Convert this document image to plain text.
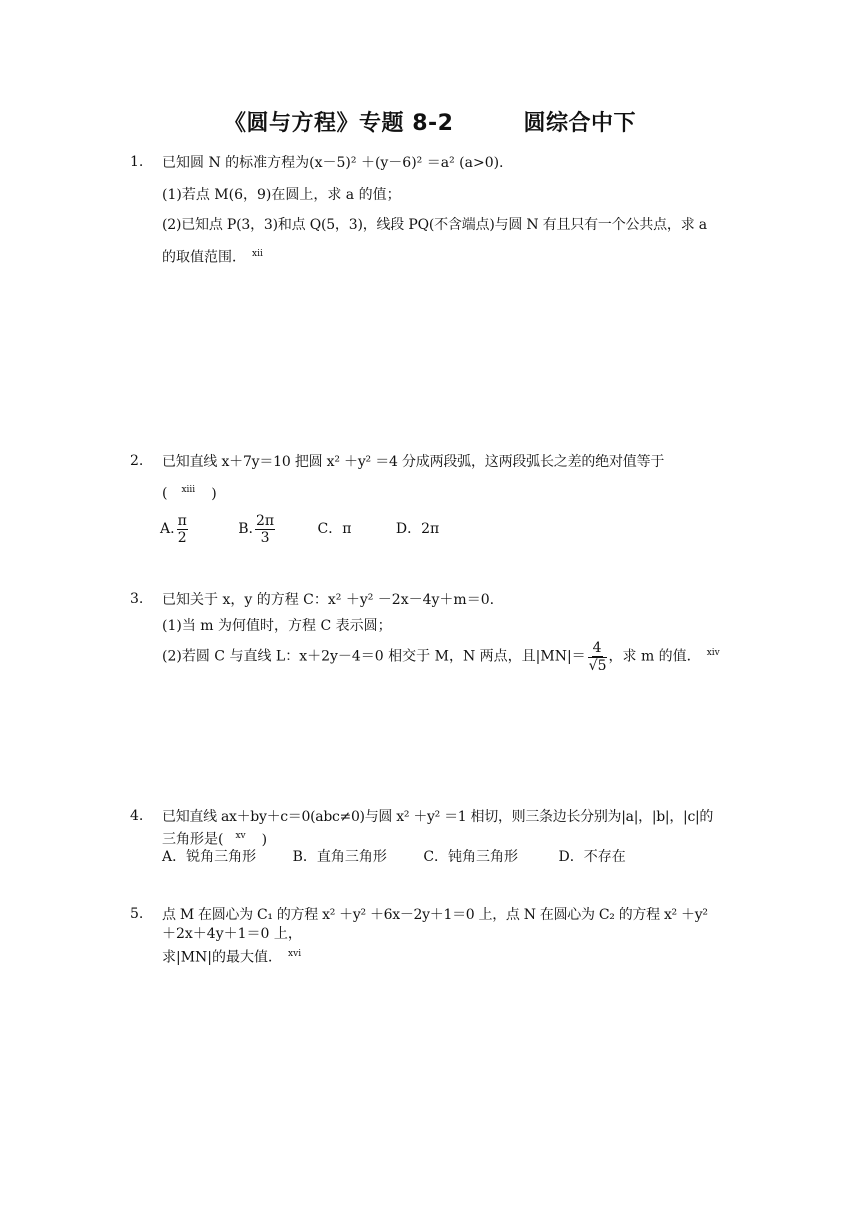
《圆与方程》专题 8-2	圆综合中下
1. 已知圆 N 的标准方程为(x－5)² ＋(y－6)² ＝a² (a>0).
(1)若点 M(6，9)在圆上，求 a 的值；
(2)已知点 P(3，3)和点 Q(5，3)，线段 PQ(不含端点)与圆 N 有且只有一个公共点，求 a
的取值范围． $^{xii}$
2. 已知直线 x＋7y＝10 把圆 x² ＋y² ＝4 分成两段弧，这两段弧长之差的绝对值等于
( $^{xiii}$ )
A. $\frac{\pi}{2}$	B. $\frac{2\pi}{3}$	C．π	D．2π
3. 已知关于 x，y 的方程 C：x² ＋y² －2x－4y＋m＝0.
(1)当 m 为何值时，方程 C 表示圆；
(2)若圆 C 与直线 L：x＋2y－4＝0 相交于 M，N 两点，且$|MN|= \frac{4}{√5}$ ，求 m 的值． $^{xiv}$
4. 已知直线 ax＋by＋c＝0(abc≠0)与圆 x² ＋y² ＝1 相切，则三条边长分别为|a|，|b|，|c|的
三角形是( $^{xv}$ )
A．锐角三角形	B．直角三角形	C．钝角三角形	D．不存在
5. 点 M 在圆心为 C₁ 的方程 x² ＋y² ＋6x－2y＋1＝0 上，点 N 在圆心为 C₂ 的方程 x² ＋y²
＋2x＋4y＋1＝0 上，
求|MN|的最大值． $^{xvi}$
